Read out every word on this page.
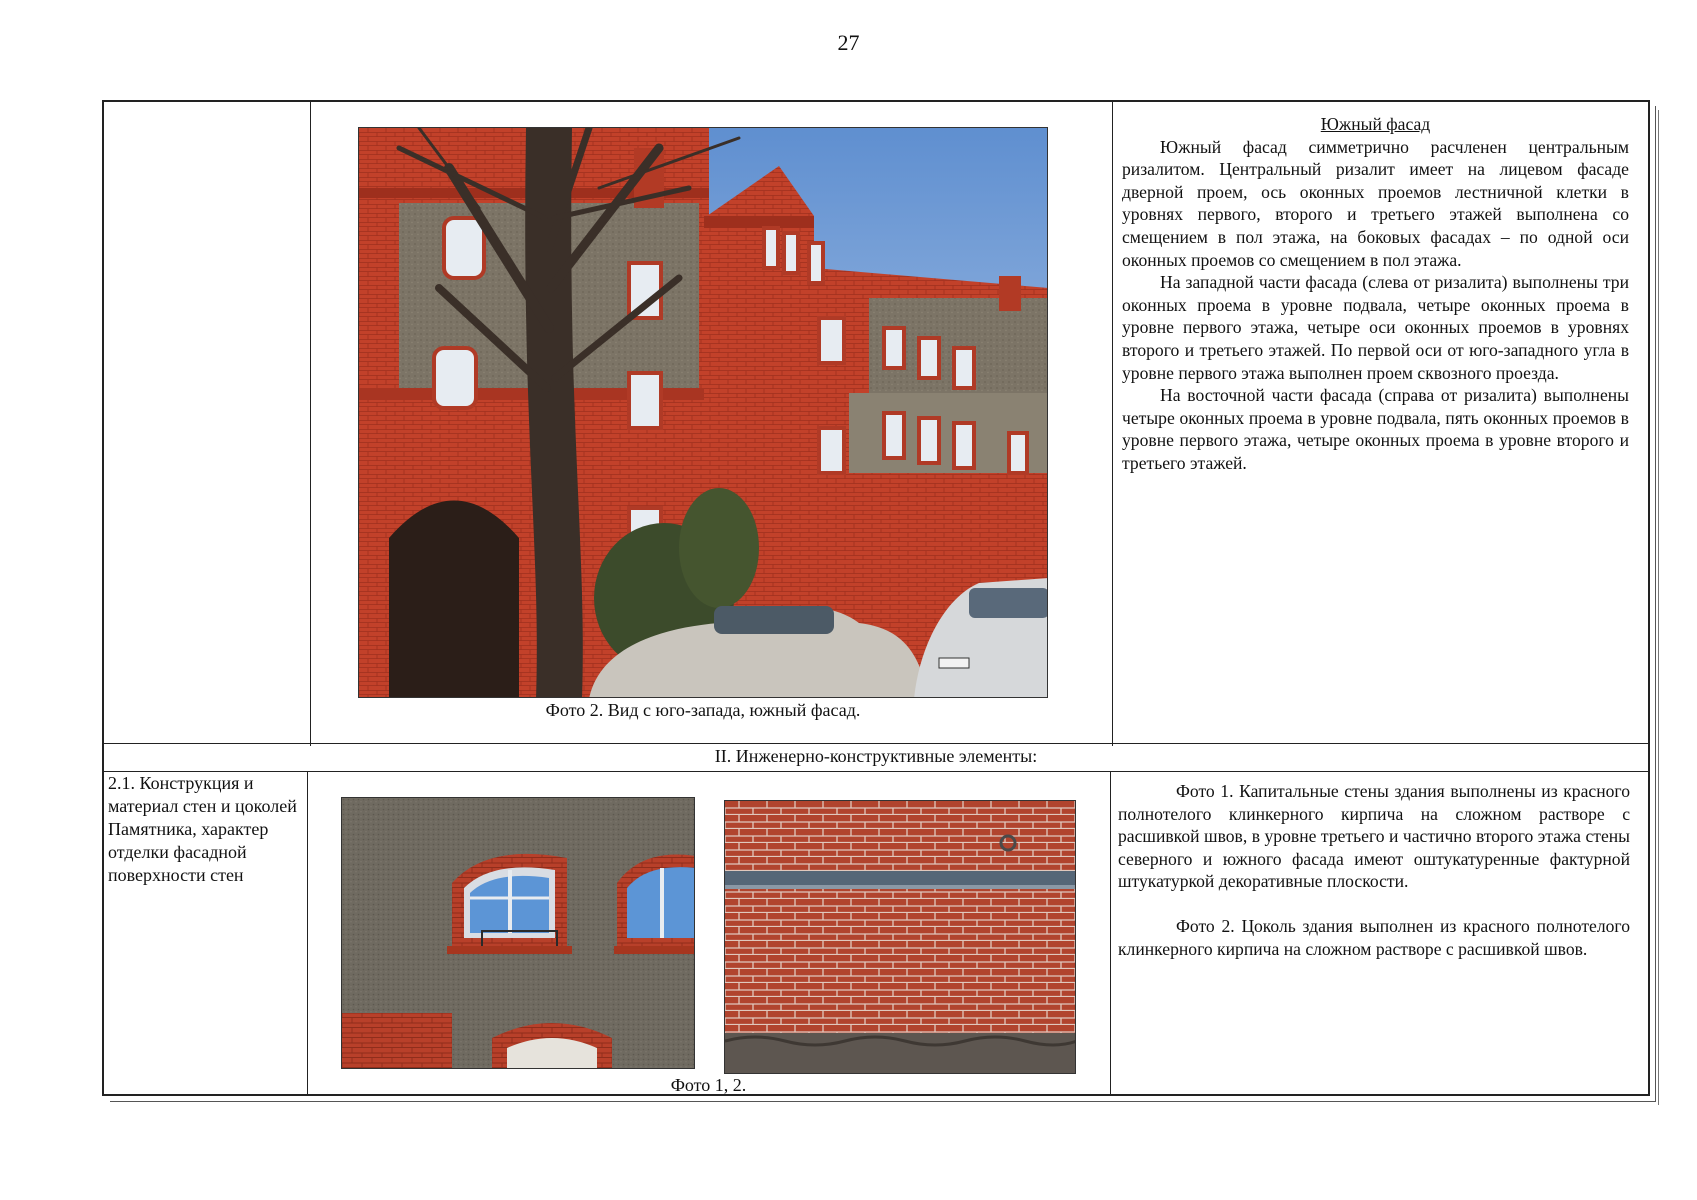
27
Фото 2. Вид с юго-запада, южный фасад.

Южный фасад

Южный фасад симметрично расчленен центральным ризалитом. Центральный ризалит имеет на лицевом фасаде дверной проем, ось оконных проемов лестничной клетки в уровнях первого, второго и третьего этажей выполнена со смещением в пол этажа, на боковых фасадах – по одной оси оконных проемов со смещением в пол этажа.

На западной части фасада (слева от ризалита) выполнены три оконных проема в уровне подвала, четыре оконных проема в уровне первого этажа, четыре оси оконных проемов в уровнях второго и третьего этажей. По первой оси от юго-западного угла в уровне первого этажа выполнен проем сквозного проезда.

На восточной части фасада (справа от ризалита) выполнены четыре оконных проема в уровне подвала, пять оконных проемов в уровне первого этажа, четыре оконных проема в уровне второго и третьего этажей.

II. Инженерно-конструктивные элементы:
2.1. Конструкция и материал стен и цоколей Памятника, характер отделки фасадной поверхности стен
Фото 1, 2.

Фото 1. Капитальные стены здания выполнены из красного полнотелого клинкерного кирпича на сложном растворе с расшивкой швов, в уровне третьего и частично второго этажа стены северного и южного фасада имеют оштукатуренные фактурной штукатуркой декоративные плоскости.

Фото 2. Цоколь здания выполнен из красного полнотелого клинкерного кирпича на сложном растворе с расшивкой швов.
